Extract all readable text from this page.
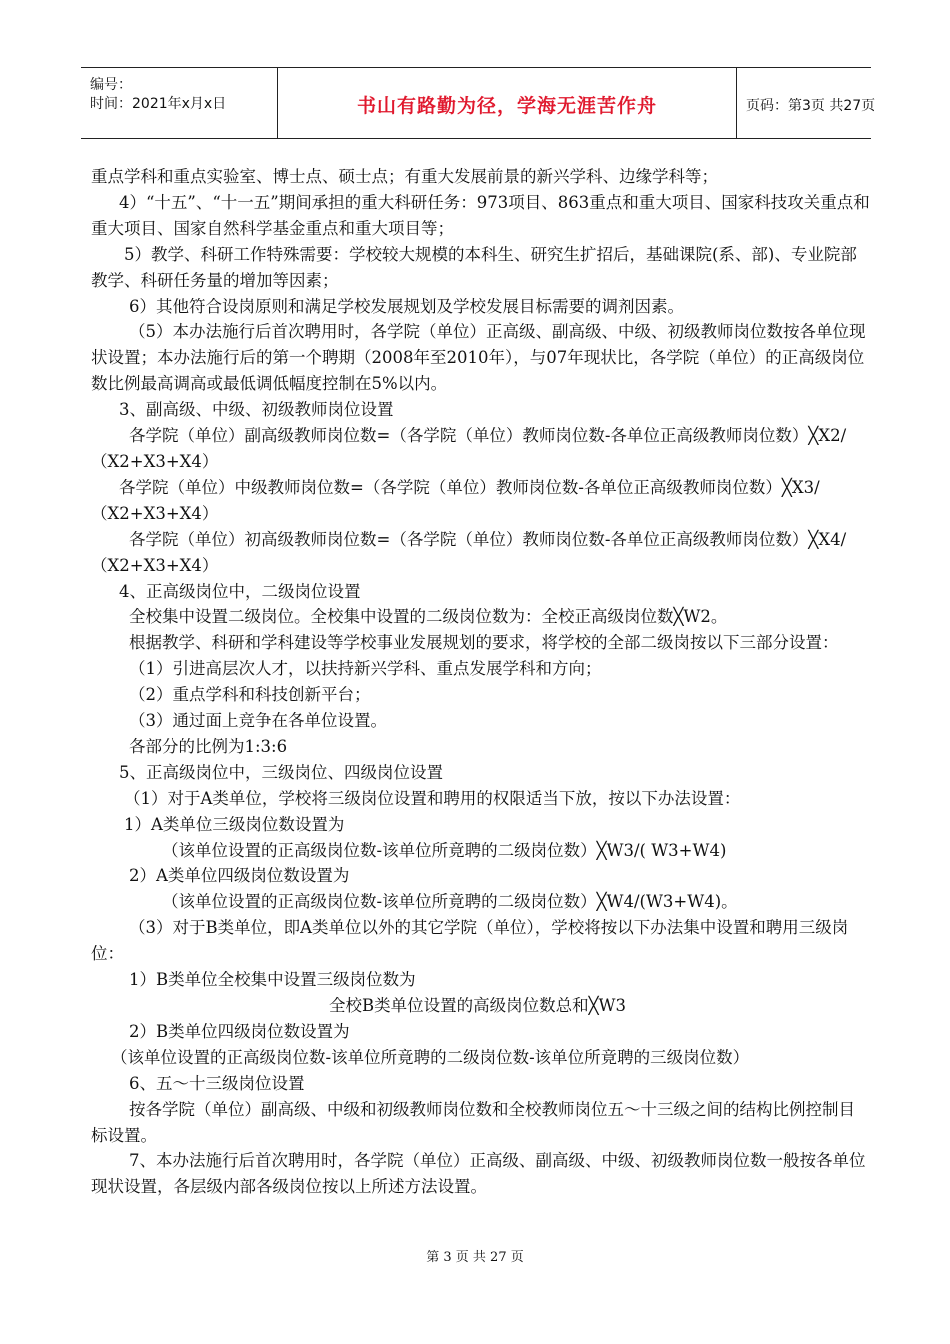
编号：
时间：2021年x月x日	书山有路勤为径，学海无涯苦作舟	页码：第3页 共27页
重点学科和重点实验室、博士点、硕士点；有重大发展前景的新兴学科、边缘学科等；
4）“十五”、“十一五”期间承担的重大科研任务：973项目、863重点和重大项目、国家科技攻关重点和重大项目、国家自然科学基金重点和重大项目等；
5）教学、科研工作特殊需要：学校较大规模的本科生、研究生扩招后，基础课院(系、部)、专业院部教学、科研任务量的增加等因素；
6）其他符合设岗原则和满足学校发展规划及学校发展目标需要的调剂因素。
（5）本办法施行后首次聘用时，各学院（单位）正高级、副高级、中级、初级教师岗位数按各单位现状设置；本办法施行后的第一个聘期（2008年至2010年），与07年现状比，各学院（单位）的正高级岗位数比例最高调高或最低调低幅度控制在5%以内。
3、副高级、中级、初级教师岗位设置
各学院（单位）副高级教师岗位数=（各学院（单位）教师岗位数-各单位正高级教师岗位数）╳X2/（X2+X3+X4）
各学院（单位）中级教师岗位数=（各学院（单位）教师岗位数-各单位正高级教师岗位数）╳X3/（X2+X3+X4）
各学院（单位）初高级教师岗位数=（各学院（单位）教师岗位数-各单位正高级教师岗位数）╳X4/（X2+X3+X4）
4、正高级岗位中，二级岗位设置
全校集中设置二级岗位。全校集中设置的二级岗位数为：全校正高级岗位数╳W2。
根据教学、科研和学科建设等学校事业发展规划的要求，将学校的全部二级岗按以下三部分设置：
（1）引进高层次人才，以扶持新兴学科、重点发展学科和方向；
（2）重点学科和科技创新平台；
（3）通过面上竞争在各单位设置。
各部分的比例为1:3:6
5、正高级岗位中，三级岗位、四级岗位设置
（1）对于A类单位，学校将三级岗位设置和聘用的权限适当下放，按以下办法设置：
1）A类单位三级岗位数设置为
（该单位设置的正高级岗位数-该单位所竟聘的二级岗位数）╳W3/( W3+W4)
2）A类单位四级岗位数设置为
（该单位设置的正高级岗位数-该单位所竟聘的二级岗位数）╳W4/(W3+W4)。
（3）对于B类单位，即A类单位以外的其它学院（单位），学校将按以下办法集中设置和聘用三级岗位：
1）B类单位全校集中设置三级岗位数为
全校B类单位设置的高级岗位数总和╳W3
2）B类单位四级岗位数设置为
（该单位设置的正高级岗位数-该单位所竟聘的二级岗位数-该单位所竟聘的三级岗位数）
6、五～十三级岗位设置
按各学院（单位）副高级、中级和初级教师岗位数和全校教师岗位五～十三级之间的结构比例控制目标设置。
7、本办法施行后首次聘用时，各学院（单位）正高级、副高级、中级、初级教师岗位数一般按各单位现状设置，各层级内部各级岗位按以上所述方法设置。
第 3 页 共 27 页
